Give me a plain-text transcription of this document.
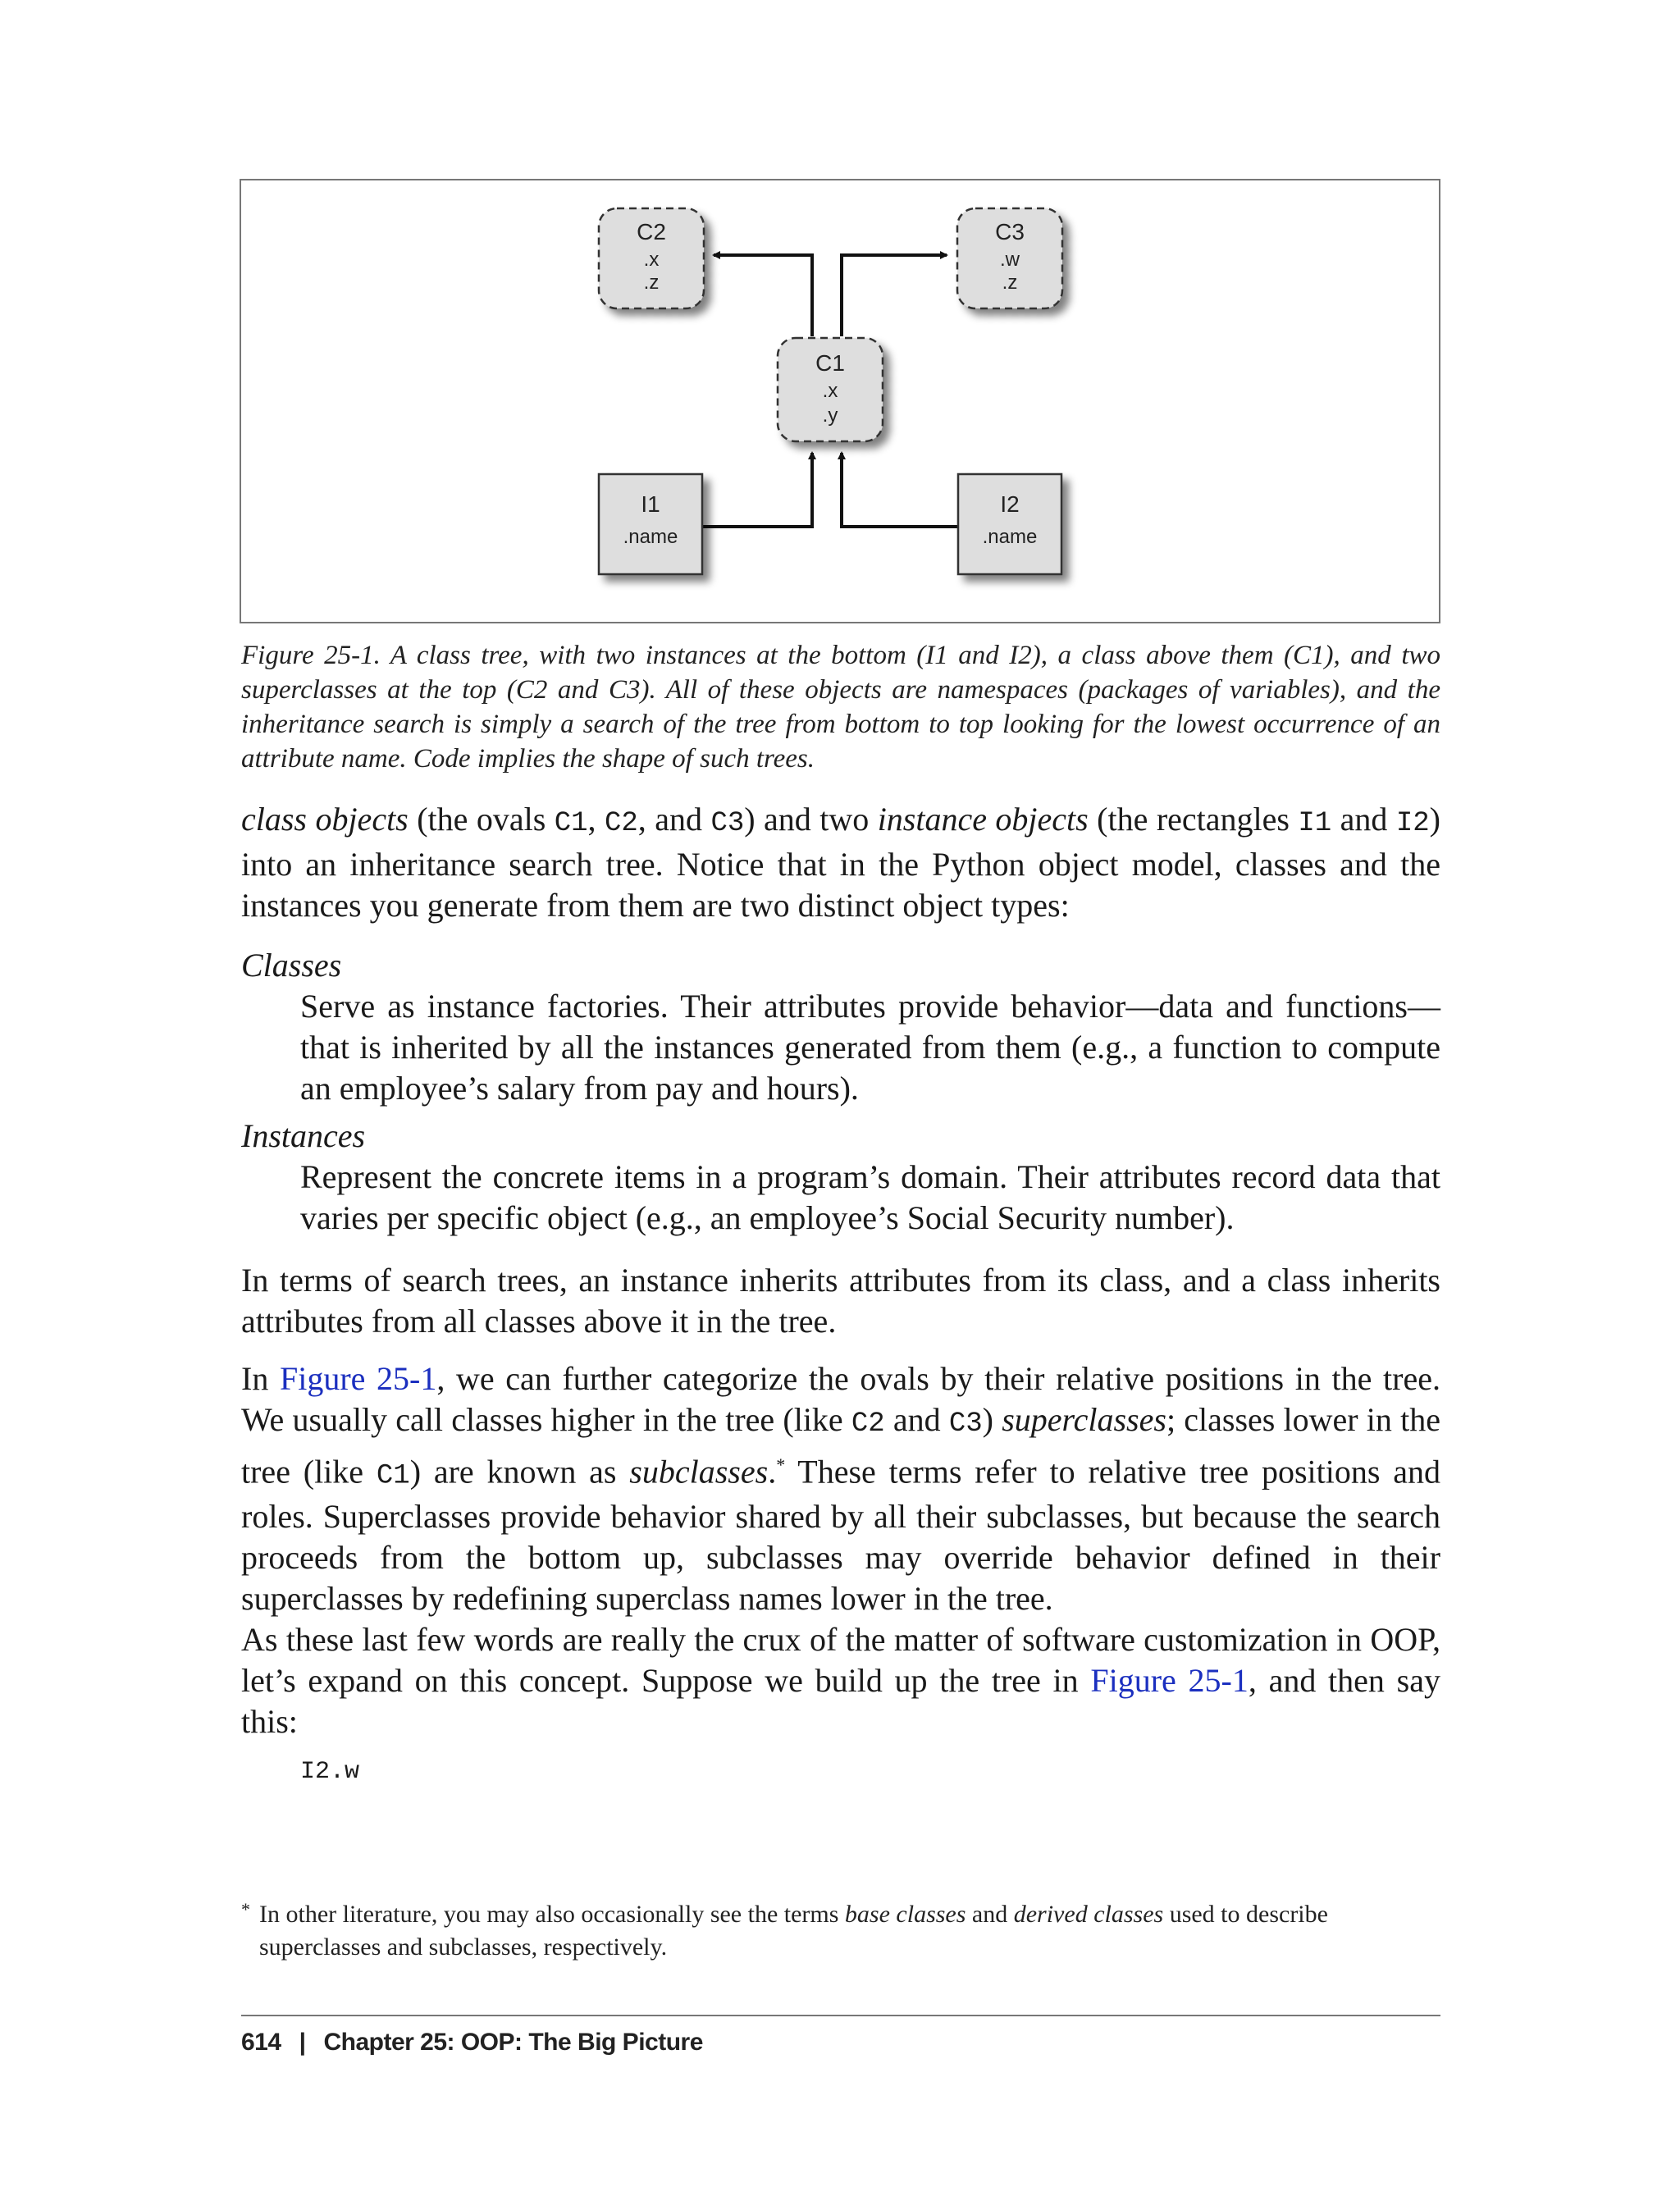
C2
.x
.z
C3
.w
.z
C1
.x
.y
I1
.name
I2
.name
Figure 25-1. A class tree, with two instances at the bottom (I1 and I2), a class above them (C1), and two superclasses at the top (C2 and C3). All of these objects are namespaces (packages of variables), and the inheritance search is simply a search of the tree from bottom to top looking for the lowest occurrence of an attribute name. Code implies the shape of such trees.

class objects (the ovals C1, C2, and C3) and two instance objects (the rectangles I1 and I2) into an inheritance search tree. Notice that in the Python object model, classes and the instances you generate from them are two distinct object types:

Classes
Serve as instance factories. Their attributes provide behavior—data and functions—that is inherited by all the instances generated from them (e.g., a function to compute an employee’s salary from pay and hours).
Instances
Represent the concrete items in a program’s domain. Their attributes record data that varies per specific object (e.g., an employee’s Social Security number).

In terms of search trees, an instance inherits attributes from its class, and a class inherits attributes from all classes above it in the tree.

In Figure 25-1, we can further categorize the ovals by their relative positions in the tree. We usually call classes higher in the tree (like C2 and C3) superclasses; classes lower in the tree (like C1) are known as subclasses.* These terms refer to relative tree positions and roles. Superclasses provide behavior shared by all their subclasses, but because the search proceeds from the bottom up, subclasses may override behavior defined in their superclasses by redefining superclass names lower in the tree.

As these last few words are really the crux of the matter of software customization in OOP, let’s expand on this concept. Suppose we build up the tree in Figure 25-1, and then say this:

I2.w
* In other literature, you may also occasionally see the terms base classes and derived classes used to describe superclasses and subclasses, respectively.
614 | Chapter 25: OOP: The Big Picture
